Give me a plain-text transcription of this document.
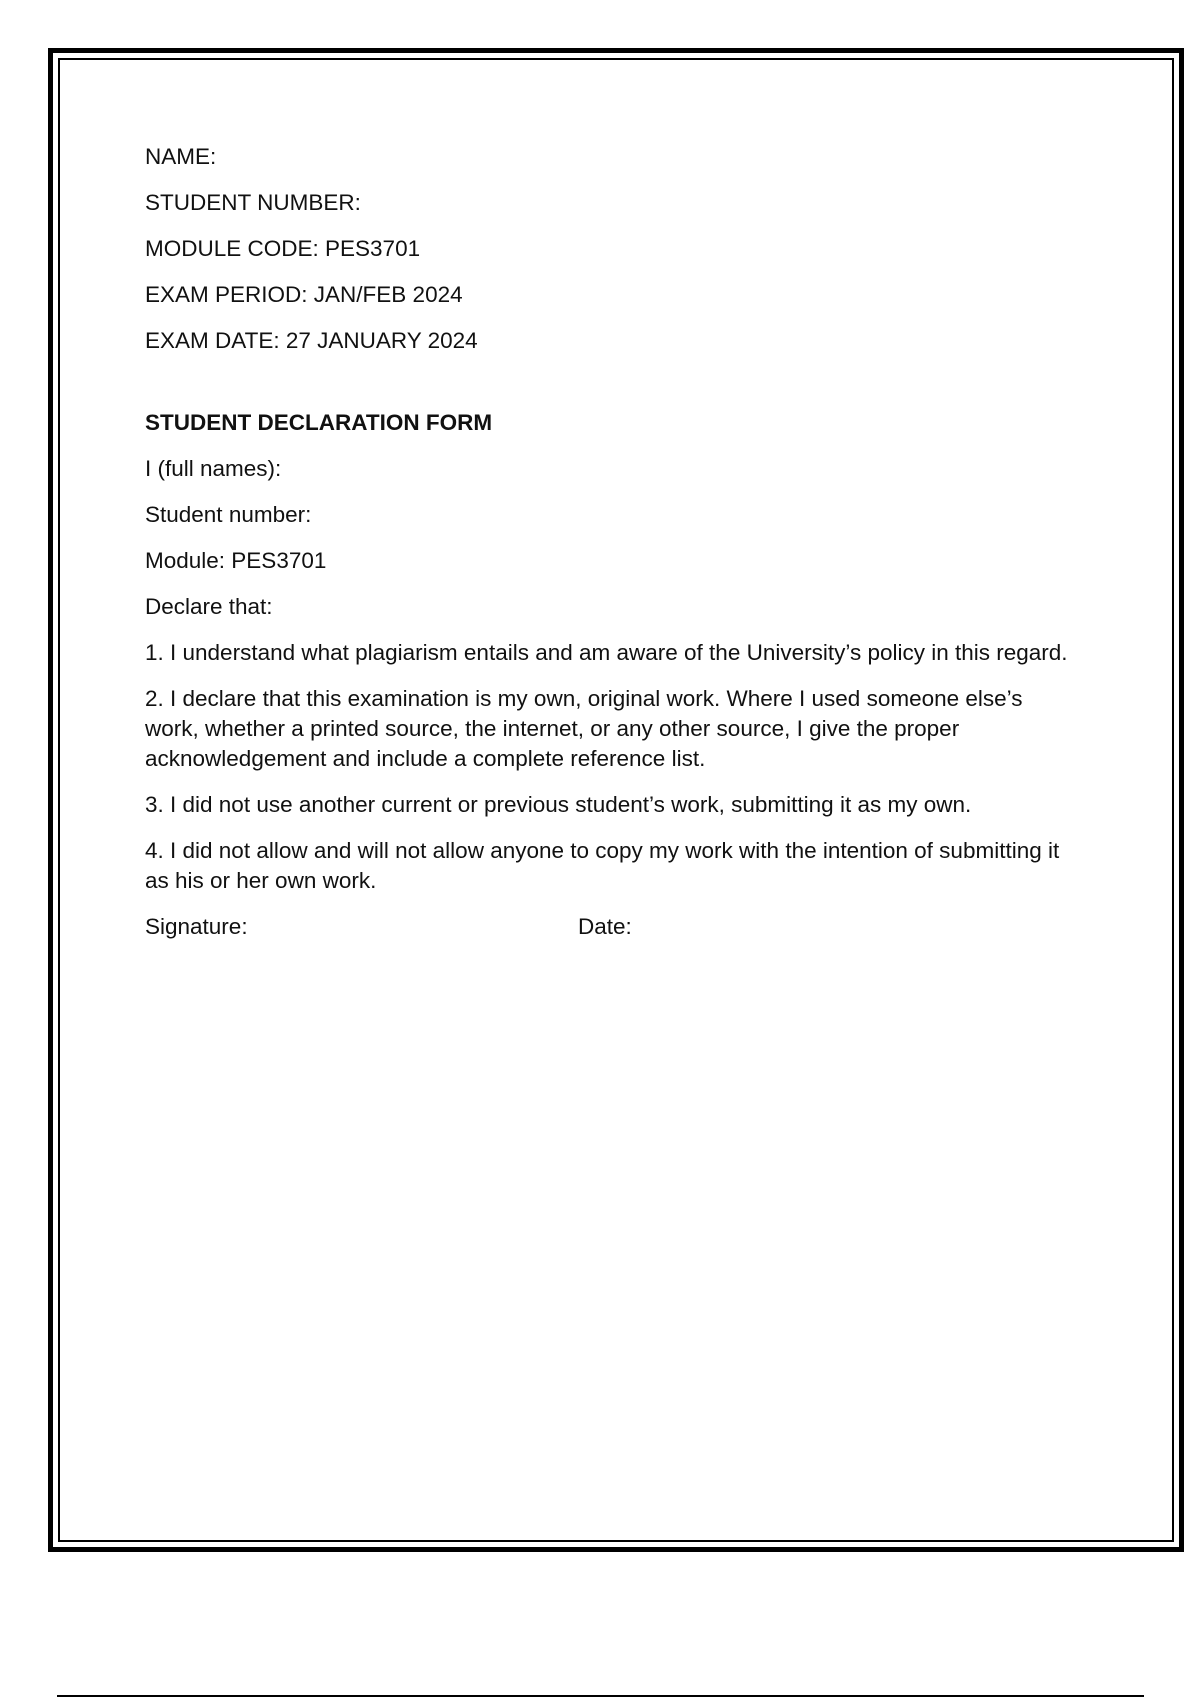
NAME:
STUDENT NUMBER:
MODULE CODE: PES3701
EXAM PERIOD: JAN/FEB 2024
EXAM DATE: 27 JANUARY 2024
STUDENT DECLARATION FORM
I (full names):
Student number:
Module: PES3701
Declare that:
1. I understand what plagiarism entails and am aware of the University’s policy in this regard.
2. I declare that this examination is my own, original work. Where I used someone else’s work, whether a printed source, the internet, or any other source, I give the proper acknowledgement and include a complete reference list.
3. I did not use another current or previous student’s work, submitting it as my own.
4. I did not allow and will not allow anyone to copy my work with the intention of submitting it as his or her own work.
Signature:	Date:
